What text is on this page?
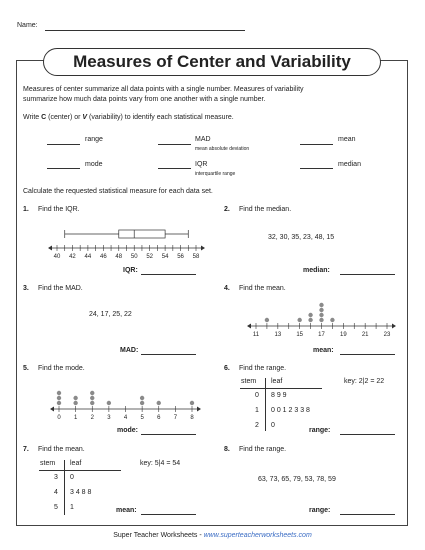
Name:
Measures of Center and Variability
Measures of center summarize all data points with a single number. Measures of variability
summarize how much data points vary from one another with a single number.
Write C (center) or V (variability) to identify each statistical measure.
range	MAD
mean absolute deviation
mean
mode	IQR
interquartile range
median
Calculate the requested statistical measure for each data set.
1. Find the IQR.
40 42 44 46 48 50 52 54 56 58
IQR:
2. Find the median.
32, 30, 35, 23, 48, 15
median:
3. Find the MAD.
24, 17, 25, 22
MAD:
4. Find the mean.
11	13	15	17	19	21	23
mean:
5. Find the mode.
0 1 2 3 4 5 6 7 8
mode:
6. Find the range.
stem leaf	key: 2|2 = 22
0 8 9 9
1 0 0 1 2 3 3 8
2 0
range:
7. Find the mean.
stem leaf	key: 5|4 = 54
3 0
4 3 4 8 8
5 1	mean:
8. Find the range.
63, 73, 65, 79, 53, 78, 59
range:
Super Teacher Worksheets - www.superteacherworksheets.com
